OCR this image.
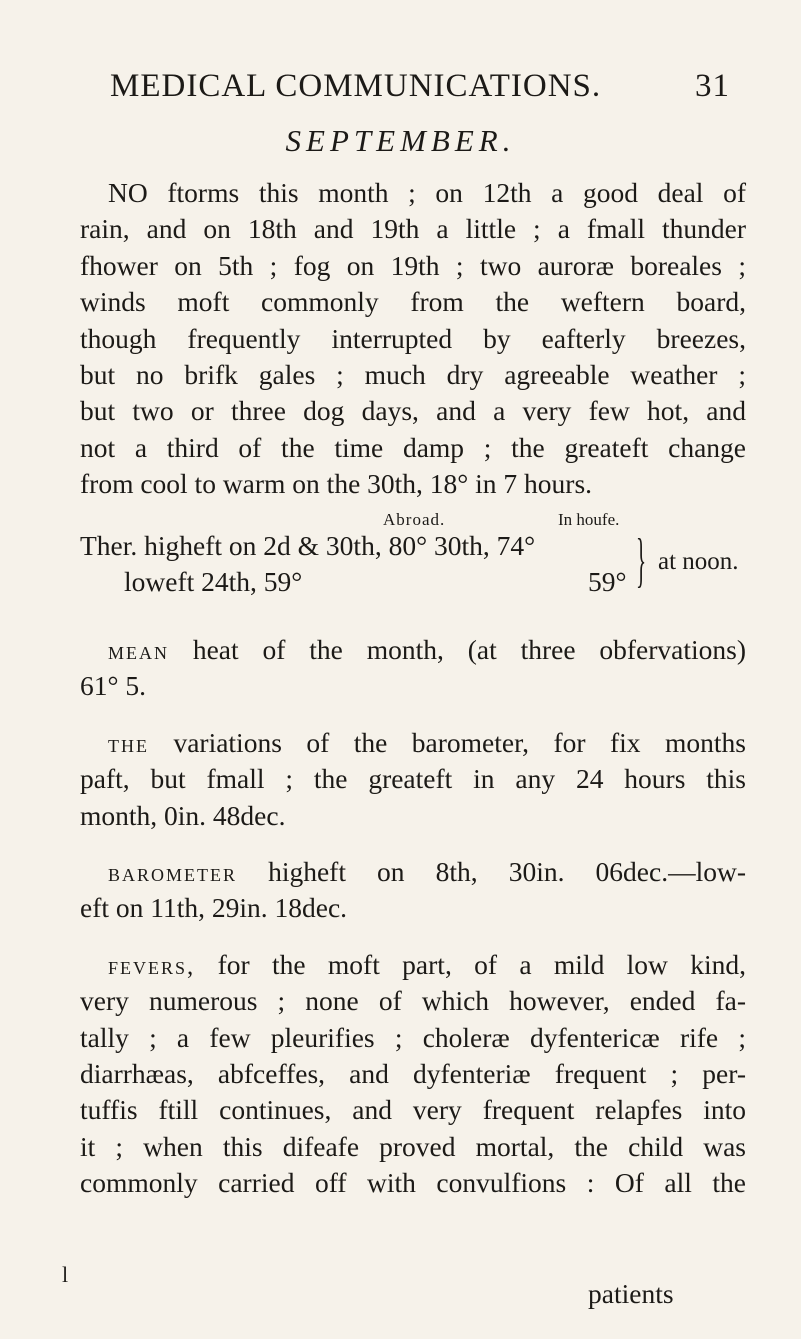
MEDICAL COMMUNICATIONS.	31
SEPTEMBER.
NO ftorms this month ; on 12th a good deal of
rain, and on 18th and 19th a little ; a fmall thunder
fhower on 5th ; fog on 19th ; two auroræ boreales ;
winds moft commonly from the weftern board,
though frequently interrupted by eafterly breezes,
but no brifk gales ; much dry agreeable weather ;
but two or three dog days, and a very few hot, and
not a third of the time damp ; the greateft change
from cool to warm on the 30th, 18° in 7 hours.
Abroad.	In houfe.
Ther. higheft on 2d & 30th, 80° 30th, 74°
loweft 24th, 59°	59° } at noon.
mean heat of the month, (at three obfervations)
61° 5.
the variations of the barometer, for fix months
paft, but fmall ; the greateft in any 24 hours this
month, 0in. 48dec.
barometer higheft on 8th, 30in. 06dec.—low-
eft on 11th, 29in. 18dec.
fevers, for the moft part, of a mild low kind,
very numerous ; none of which however, ended fa-
tally ; a few pleurifies ; choleræ dyfentericæ rife ;
diarrhæas, abfceffes, and dyfenteriæ frequent ; per-
tuffis ftill continues, and very frequent relapfes into
it ; when this difeafe proved mortal, the child was
commonly carried off with convulfions : Of all the
patients
l
